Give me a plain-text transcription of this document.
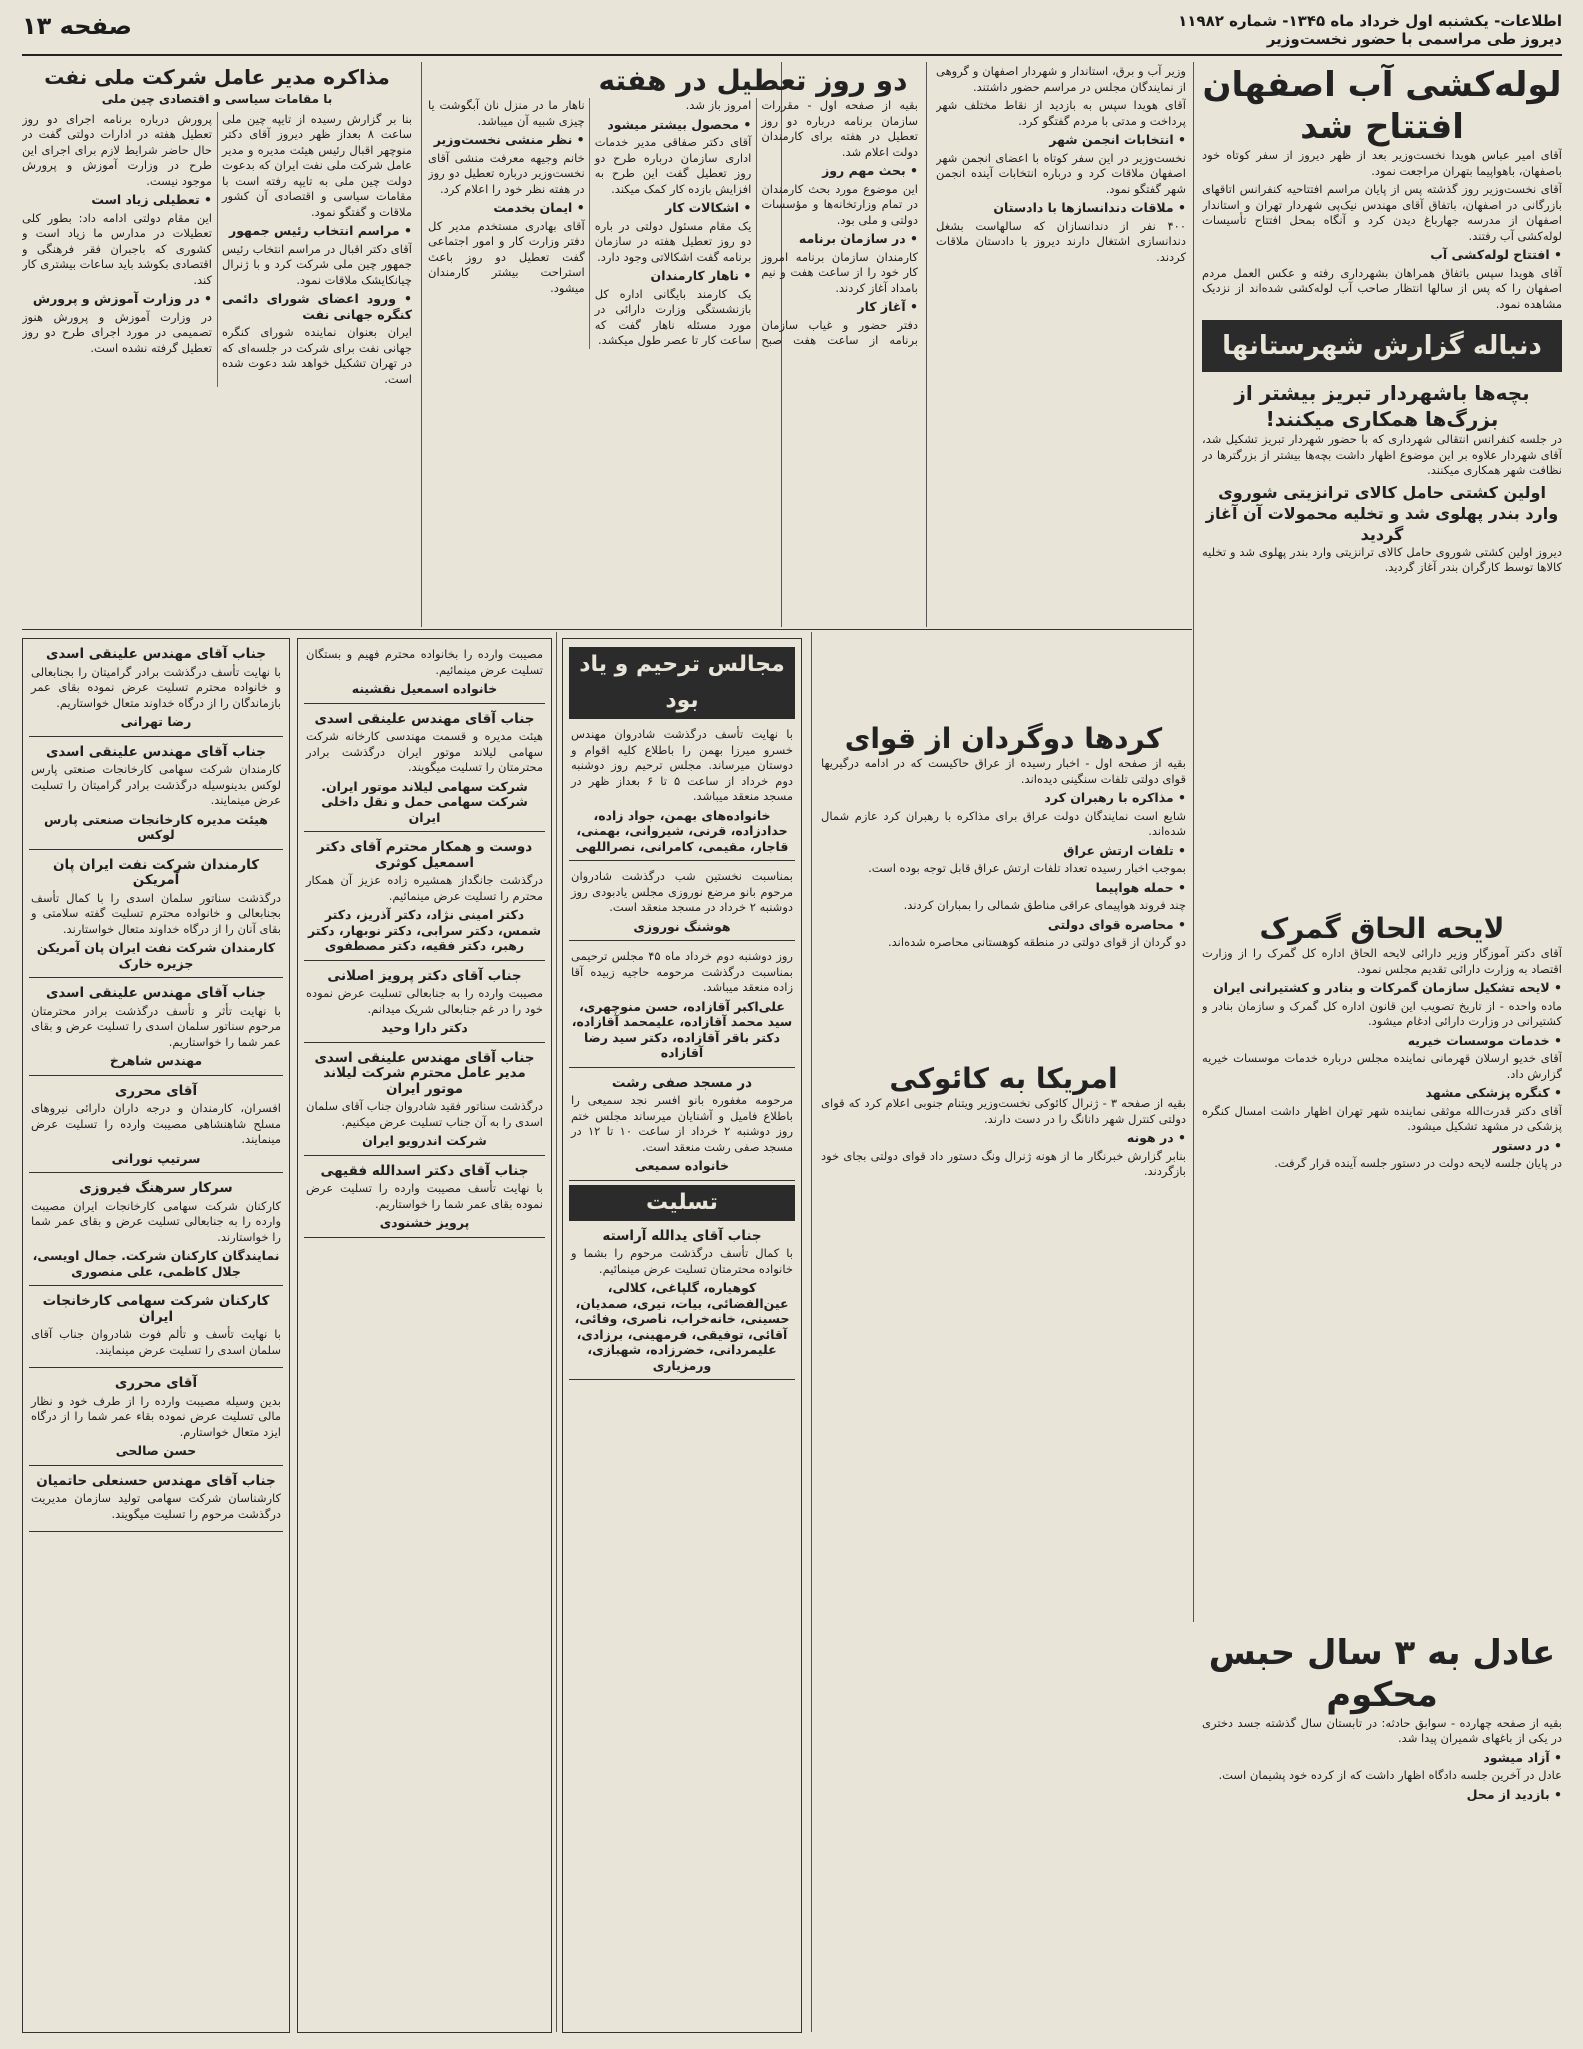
اطلاعات- یکشنبه اول خرداد ماه ۱۳۴۵- شماره ۱۱۹۸۲
دیروز طی مراسمی با حضور نخست‌وزیر
صفحه ۱۳
لوله‌کشی آب اصفهان افتتاح شد

آقای امیر عباس هویدا نخست‌وزیر بعد از ظهر دیروز از سفر کوتاه خود باصفهان، باهواپیما بتهران مراجعت نمود.

آقای نخست‌وزیر روز گذشته پس از پایان مراسم افتتاحیه کنفرانس اتاقهای بازرگانی در اصفهان، باتفاق آقای مهندس نیک‌پی شهردار تهران و استاندار اصفهان از مدرسه جهارباغ دیدن کرد و آنگاه بمحل افتتاح تأسیسات لوله‌کشی آب رفتند.

• افتتاح لوله‌کشی آب

آقای هویدا سپس باتفاق همراهان بشهرداری رفته و عکس العمل مردم اصفهان را که پس از سالها انتظار صاحب آب لوله‌کشی شده‌اند از نزدیک مشاهده نمود.

دنباله گزارش شهرستانها
بچه‌ها باشهردار تبریز بیشتر از بزرگ‌ها همکاری میکنند!

در جلسه کنفرانس انتقالی شهرداری که با حضور شهردار تبریز تشکیل شد، آقای شهردار علاوه بر این موضوع اظهار داشت بچه‌ها بیشتر از بزرگترها در نظافت شهر همکاری میکنند.

اولین کشتی حامل کالای ترانزیتی شوروی وارد بندر پهلوی شد و تخلیه محمولات آن آغاز گردید

دیروز اولین کشتی شوروی حامل کالای ترانزیتی وارد بندر پهلوی شد و تخلیه کالاها توسط کارگران بندر آغاز گردید.

وزیر آب و برق، استاندار و شهردار اصفهان و گروهی از نمایندگان مجلس در مراسم حضور داشتند.

آقای هویدا سپس به بازدید از نقاط مختلف شهر پرداخت و مدتی با مردم گفتگو کرد.

• انتخابات انجمن شهر

نخست‌وزیر در این سفر کوتاه با اعضای انجمن شهر اصفهان ملاقات کرد و درباره انتخابات آینده انجمن شهر گفتگو نمود.

• ملاقات دندانسازها با دادستان

۴۰۰ نفر از دندانسازان که سالهاست بشغل دندانسازی اشتغال دارند دیروز با دادستان ملاقات کردند.

کردها دوگردان از قوای

بقیه از صفحه اول - اخبار رسیده از عراق حاکیست که در ادامه درگیریها قوای دولتی تلفات سنگینی دیده‌اند.

• مذاکره با رهبران کرد

شایع است نمایندگان دولت عراق برای مذاکره با رهبران کرد عازم شمال شده‌اند.

• تلفات ارتش عراق

بموجب اخبار رسیده تعداد تلفات ارتش عراق قابل توجه بوده است.

• حمله هواپیما

چند فروند هواپیمای عراقی مناطق شمالی را بمباران کردند.

• محاصره قوای دولتی

دو گردان از قوای دولتی در منطقه کوهستانی محاصره شده‌اند.

دو روز تعطیل در هفته

بقیه از صفحه اول - مقررات سازمان برنامه درباره دو روز تعطیل در هفته برای کارمندان دولت اعلام شد.

• بحث مهم روز

این موضوع مورد بحث کارمندان در تمام وزارتخانه‌ها و مؤسسات دولتی و ملی بود.

• در سازمان برنامه

کارمندان سازمان برنامه امروز کار خود را از ساعت هفت و نیم بامداد آغاز کردند.

• آغاز کار

دفتر حضور و غیاب سازمان برنامه از ساعت هفت صبح امروز باز شد.

• محصول بیشتر میشود

آقای دکتر صفاقی مدیر خدمات اداری سازمان درباره طرح دو روز تعطیل گفت این طرح به افزایش بازده کار کمک میکند.

• اشکالات کار

یک مقام مسئول دولتی در باره دو روز تعطیل هفته در سازمان برنامه گفت اشکالاتی وجود دارد.

• ناهار کارمندان

یک کارمند بایگانی اداره کل بازنشستگی وزارت دارائی در مورد مسئله ناهار گفت که ساعت کار تا عصر طول میکشد.

ناهار ما در منزل نان آبگوشت یا چیزی شبیه آن میباشد.

• نظر منشی نخست‌وزیر

خانم وجیهه معرفت منشی آقای نخست‌وزیر درباره تعطیل دو روز در هفته نظر خود را اعلام کرد.

• ایمان بخدمت

آقای بهادری مستخدم مدیر کل دفتر وزارت کار و امور اجتماعی گفت تعطیل دو روز باعث استراحت بیشتر کارمندان میشود.

مذاکره مدیر عامل شرکت ملی نفت
با مقامات سیاسی و اقتصادی چین ملی

بنا بر گزارش رسیده از تایپه چین ملی ساعت ۸ بعداز ظهر دیروز آقای دکتر منوچهر اقبال رئیس هیئت مدیره و مدیر عامل شرکت ملی نفت ایران که بدعوت دولت چین ملی به تایپه رفته است با مقامات سیاسی و اقتصادی آن کشور ملاقات و گفتگو نمود.

• مراسم انتخاب رئیس جمهور

آقای دکتر اقبال در مراسم انتخاب رئیس جمهور چین ملی شرکت کرد و با ژنرال چیانکایشک ملاقات نمود.

• ورود اعضای شورای دائمی کنگره جهانی نفت

ایران بعنوان نماینده شورای کنگره جهانی نفت برای شرکت در جلسه‌ای که در تهران تشکیل خواهد شد دعوت شده است.

پرورش درباره برنامه اجرای دو روز تعطیل هفته در ادارات دولتی گفت در حال حاضر شرایط لازم برای اجرای این طرح در وزارت آموزش و پرورش موجود نیست.

• تعطیلی زیاد است

این مقام دولتی ادامه داد: بطور کلی تعطیلات در مدارس ما زیاد است و کشوری که باجبران فقر فرهنگی و اقتصادی بکوشد باید ساعات بیشتری کار کند.

• در وزارت آموزش و پرورش

در وزارت آموزش و پرورش هنوز تصمیمی در مورد اجرای طرح دو روز تعطیل گرفته نشده است.

لایحه الحاق گمرک

آقای دکتر آموزگار وزیر دارائی لایحه الحاق اداره کل گمرک را از وزارت اقتصاد به وزارت دارائی تقدیم مجلس نمود.

• لایحه تشکیل سازمان گمرکات و بنادر و کشتیرانی ایران

ماده واحده - از تاریخ تصویب این قانون اداره کل گمرک و سازمان بنادر و کشتیرانی در وزارت دارائی ادغام میشود.

• خدمات موسسات خیریه

آقای خدیو ارسلان قهرمانی نماینده مجلس درباره خدمات موسسات خیریه گزارش داد.

• کنگره پزشکی مشهد

آقای دکتر قدرت‌الله موثقی نماینده شهر تهران اظهار داشت امسال کنگره پزشکی در مشهد تشکیل میشود.

• در دستور

در پایان جلسه لایحه دولت در دستور جلسه آینده قرار گرفت.

عادل به ۳ سال حبس محکوم

بقیه از صفحه چهارده - سوابق حادثه: در تابستان سال گذشته جسد دختری در یکی از باغهای شمیران پیدا شد.

• آزاد میشود

عادل در آخرین جلسه دادگاه اظهار داشت که از کرده خود پشیمان است.

• بازدید از محل

امریکا به کائوکی

بقیه از صفحه ۳ - ژنرال کائوکی نخست‌وزیر ویتنام جنوبی اعلام کرد که قوای دولتی کنترل شهر دانانگ را در دست دارند.

• در هونه

بنابر گزارش خبرنگار ما از هونه ژنرال ونگ دستور داد قوای دولتی بجای خود بازگردند.

مجالس ترحیم و یاد بود

با نهایت تأسف درگذشت شادروان مهندس خسرو میرزا بهمن را باطلاع کلیه اقوام و دوستان میرساند. مجلس ترحیم روز دوشنبه دوم خرداد از ساعت ۵ تا ۶ بعداز ظهر در مسجد منعقد میباشد.

خانواده‌های بهمن، جواد زاده، حدادزاده، قرنی، شیروانی، بهمنی، قاجار، مقیمی، کامرانی، نصراللهی

بمناسبت نخستین شب درگذشت شادروان مرحوم بانو مرضع نوروزی مجلس یادبودی روز دوشنبه ۲ خرداد در مسجد منعقد است.

هوشنگ نوروزی

روز دوشنبه دوم خرداد ماه ۴۵ مجلس ترحیمی بمناسبت درگذشت مرحومه حاجیه زبیده آقا زاده منعقد میباشد.

علی‌اکبر آقازاده، حسن منوچهری، سید محمد آقازاده، علیمحمد آقازاده، دکتر باقر آقازاده، دکتر سید رضا آقازاده
در مسجد صفی رشت

مرحومه مغفوره بانو افسر نجد سمیعی را باطلاع فامیل و آشنایان میرساند مجلس ختم روز دوشنبه ۲ خرداد از ساعت ۱۰ تا ۱۲ در مسجد صفی رشت منعقد است.

خانواده سمیعی
تسلیت
جناب آقای یدالله آراسته

با کمال تأسف درگذشت مرحوم را بشما و خانواده محترمتان تسلیت عرض مینمائیم.

کوهیاره، گلپاغی، کلالی، عین‌الفضائی، بیات، نیری، صمدیان، حسینی، خانه‌خراب، ناصری، وفائی، آقائی، توفیقی، فرمهینی، برزادی، علیمردانی، خضرزاده، شهبازی، ورمزیاری

مصیبت وارده را بخانواده محترم فهیم و بستگان تسلیت عرض مینمائیم.

خانواده اسمعیل نقشینه
جناب آقای مهندس علینقی اسدی

هیئت مدیره و قسمت مهندسی کارخانه شرکت سهامی لیلاند موتور ایران درگذشت برادر محترمتان را تسلیت میگویند.

شرکت سهامی لیلاند موتور ایران. شرکت سهامی حمل و نقل داخلی ایران
دوست و همکار محترم آقای دکتر اسمعیل کوثری

درگذشت جانگداز همشیره زاده عزیز آن همکار محترم را تسلیت عرض مینمائیم.

دکتر امینی نژاد، دکتر آذریز، دکتر شمس، دکتر سرابی، دکتر نوبهار، دکتر رهبر، دکتر فقیه، دکتر مصطفوی
جناب آقای دکتر پرویز اصلانی

مصیبت وارده را به جنابعالی تسلیت عرض نموده خود را در غم جنابعالی شریک میدانم.

دکتر دارا وحید
جناب آقای مهندس علینقی اسدی مدیر عامل محترم شرکت لیلاند موتور ایران

درگذشت سناتور فقید شادروان جناب آقای سلمان اسدی را به آن جناب تسلیت عرض میکنیم.

شرکت اندرویو ایران
جناب آقای دکتر اسدالله فقیهی

با نهایت تأسف مصیبت وارده را تسلیت عرض نموده بقای عمر شما را خواستاریم.

پرویز خشنودی
جناب آقای مهندس علینقی اسدی

با نهایت تأسف درگذشت برادر گرامیتان را بجنابعالی و خانواده محترم تسلیت عرض نموده بقای عمر بازماندگان را از درگاه خداوند متعال خواستاریم.

رضا تهرانی
جناب آقای مهندس علینقی اسدی

کارمندان شرکت سهامی کارخانجات صنعتی پارس لوکس بدینوسیله درگذشت برادر گرامیتان را تسلیت عرض مینمایند.

هیئت مدیره کارخانجات صنعتی پارس لوکس
کارمندان شرکت نفت ایران پان آمریکن

درگذشت سناتور سلمان اسدی را با کمال تأسف بجنابعالی و خانواده محترم تسلیت گفته سلامتی و بقای آنان را از درگاه خداوند متعال خواستارند.

کارمندان شرکت نفت ایران پان آمریکن جزیره خارک
جناب آقای مهندس علینقی اسدی

با نهایت تأثر و تأسف درگذشت برادر محترمتان مرحوم سناتور سلمان اسدی را تسلیت عرض و بقای عمر شما را خواستاریم.

مهندس شاهرخ
آقای محرری

افسران، کارمندان و درجه داران دارائی نیروهای مسلح شاهنشاهی مصیبت وارده را تسلیت عرض مینمایند.

سرتیپ نورانی
سرکار سرهنگ فیروزی

کارکنان شرکت سهامی کارخانجات ایران مصیبت وارده را به جنابعالی تسلیت عرض و بقای عمر شما را خواستارند.

نمایندگان کارکنان شرکت. جمال اویسی، جلال کاظمی، علی منصوری
کارکنان شرکت سهامی کارخانجات ایران

با نهایت تأسف و تألم فوت شادروان جناب آقای سلمان اسدی را تسلیت عرض مینمایند.

آقای محرری

بدین وسیله مصیبت وارده را از طرف خود و نظار مالی تسلیت عرض نموده بقاء عمر شما را از درگاه ایزد متعال خواستارم.

حسن صالحی
جناب آقای مهندس حسنعلی حاتمیان

کارشناسان شرکت سهامی تولید سازمان مدیریت درگذشت مرحوم را تسلیت میگویند.
